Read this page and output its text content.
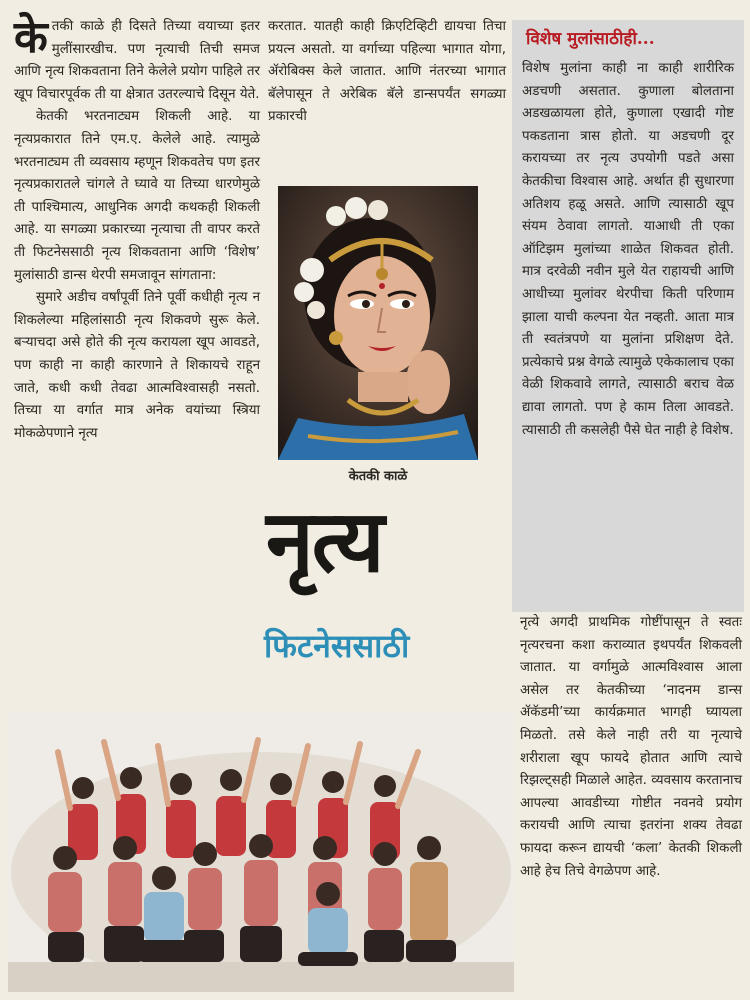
केतकी काळे ही दिसते तिच्या वयाच्या इतर मुलींसारखीच. पण नृत्याची तिची समज आणि नृत्य शिकवताना तिने केलेले प्रयोग पाहिले तर खूप विचारपूर्वक ती या क्षेत्रात उतरल्याचे दिसून येते.

केतकी भरतनाट्यम शिकली आहे. या नृत्यप्रकारात तिने एम.ए. केलेले आहे. त्यामुळे भरतनाट्यम ती व्यवसाय म्हणून शिकवतेच पण इतर नृत्यप्रकारातले चांगले ते घ्यावे या तिच्या धारणेमुळे ती पाश्चिमात्य, आधुनिक अगदी कथकही शिकली आहे. या सगळ्या प्रकारच्या नृत्याचा ती वापर करते ती फिटनेससाठी नृत्य शिकवताना आणि ‘विशेष’ मुलांसाठी डान्स थेरपी समजावून सांगताना:

सुमारे अडीच वर्षांपूर्वी तिने पूर्वी कधीही नृत्य न शिकलेल्या महिलांसाठी नृत्य शिकवणे सुरू केले. बऱ्याचदा असे होते की नृत्य करायला खूप आवडते, पण काही ना काही कारणाने ते शिकायचे राहून जाते, कधी कधी तेवढा आत्मविश्वासही नसतो. तिच्या या वर्गात मात्र अनेक वयांच्या स्त्रिया मोकळेपणाने नृत्य

करतात. यातही काही क्रिएटिव्हिटी द्यायचा तिचा प्रयत्न असतो. या वर्गाच्या पहिल्या भागात योगा, ॲरोबिक्स केले जातात. आणि नंतरच्या भागात बॅलेपासून ते अरेबिक बॅले डान्सपर्यंत सगळ्या प्रकारची

केतकी काळे
नृत्य
फिटनेससाठी
विशेष मुलांसाठीही...
विशेष मुलांना काही ना काही शारीरिक अडचणी असतात. कुणाला बोलताना अडखळायला होते, कुणाला एखादी गोष्ट पकडताना त्रास होतो. या अडचणी दूर करायच्या तर नृत्य उपयोगी पडते असा केतकीचा विश्वास आहे. अर्थात ही सुधारणा अतिशय हळू असते. आणि त्यासाठी खूप संयम ठेवावा लागतो. याआधी ती एका ऑटिझम मुलांच्या शाळेत शिकवत होती. मात्र दरवेळी नवीन मुले येत राहायची आणि आधीच्या मुलांवर थेरपीचा किती परिणाम झाला याची कल्पना येत नव्हती. आता मात्र ती स्वतंत्रपणे या मुलांना प्रशिक्षण देते. प्रत्येकाचे प्रश्न वेगळे त्यामुळे एकेकालाच एका वेळी शिकवावे लागते, त्यासाठी बराच वेळ द्यावा लागतो. पण हे काम तिला आवडते. त्यासाठी ती कसलेही पैसे घेत नाही हे विशेष.

नृत्ये अगदी प्राथमिक गोष्टींपासून ते स्वतः नृत्यरचना कशा कराव्यात इथपर्यंत शिकवली जातात. या वर्गामुळे आत्मविश्वास आला असेल तर केतकीच्या ‘नादनम डान्स ॲकॅडमी’च्या कार्यक्रमात भागही घ्यायला मिळतो. तसे केले नाही तरी या नृत्याचे शरीराला खूप फायदे होतात आणि त्याचे रिझल्ट्सही मिळाले आहेत. व्यवसाय करतानाच आपल्या आवडीच्या गोष्टीत नवनवे प्रयोग करायची आणि त्याचा इतरांना शक्य तेवढा फायदा करून द्यायची ‘कला’ केतकी शिकली आहे हेच तिचे वेगळेपण आहे.
